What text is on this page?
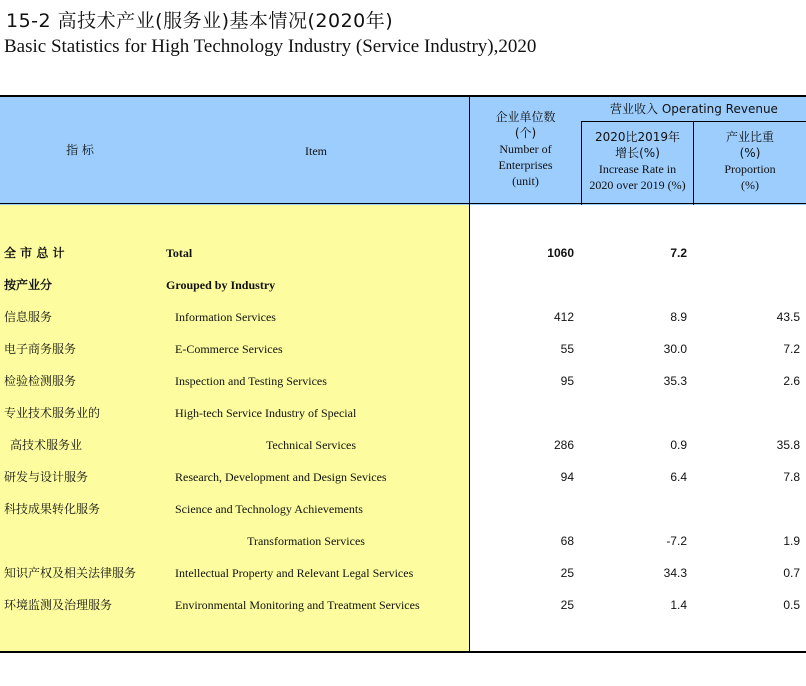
15-2 高技术产业(服务业)基本情况(2020年)
Basic Statistics for High Technology Industry (Service Industry),2020
指 标	Item
企业单位数
(个)
Number of
Enterprises
(unit)
营业收入 Operating Revenue
2020比2019年
增长(%)
Increase Rate in
2020 over 2019 (%)
产业比重
(%)
Proportion
(%)
全 市 总 计	Total	1060	7.2
按产业分	Grouped by Industry
信息服务	Information Services	412	8.9	43.5
电子商务服务	E-Commerce Services	55	30.0	7.2
检验检测服务	Inspection and Testing Services	95	35.3	2.6
专业技术服务业的	High-tech Service Industry of Special
高技术服务业	Technical Services	286	0.9	35.8
研发与设计服务	Research, Development and Design Sevices	94	6.4	7.8
科技成果转化服务	Science and Technology Achievements
Transformation Services	68	-7.2	1.9
知识产权及相关法律服务	Intellectual Property and Relevant Legal Services	25	34.3	0.7
环境监测及治理服务	Environmental Monitoring and Treatment Services	25	1.4	0.5
